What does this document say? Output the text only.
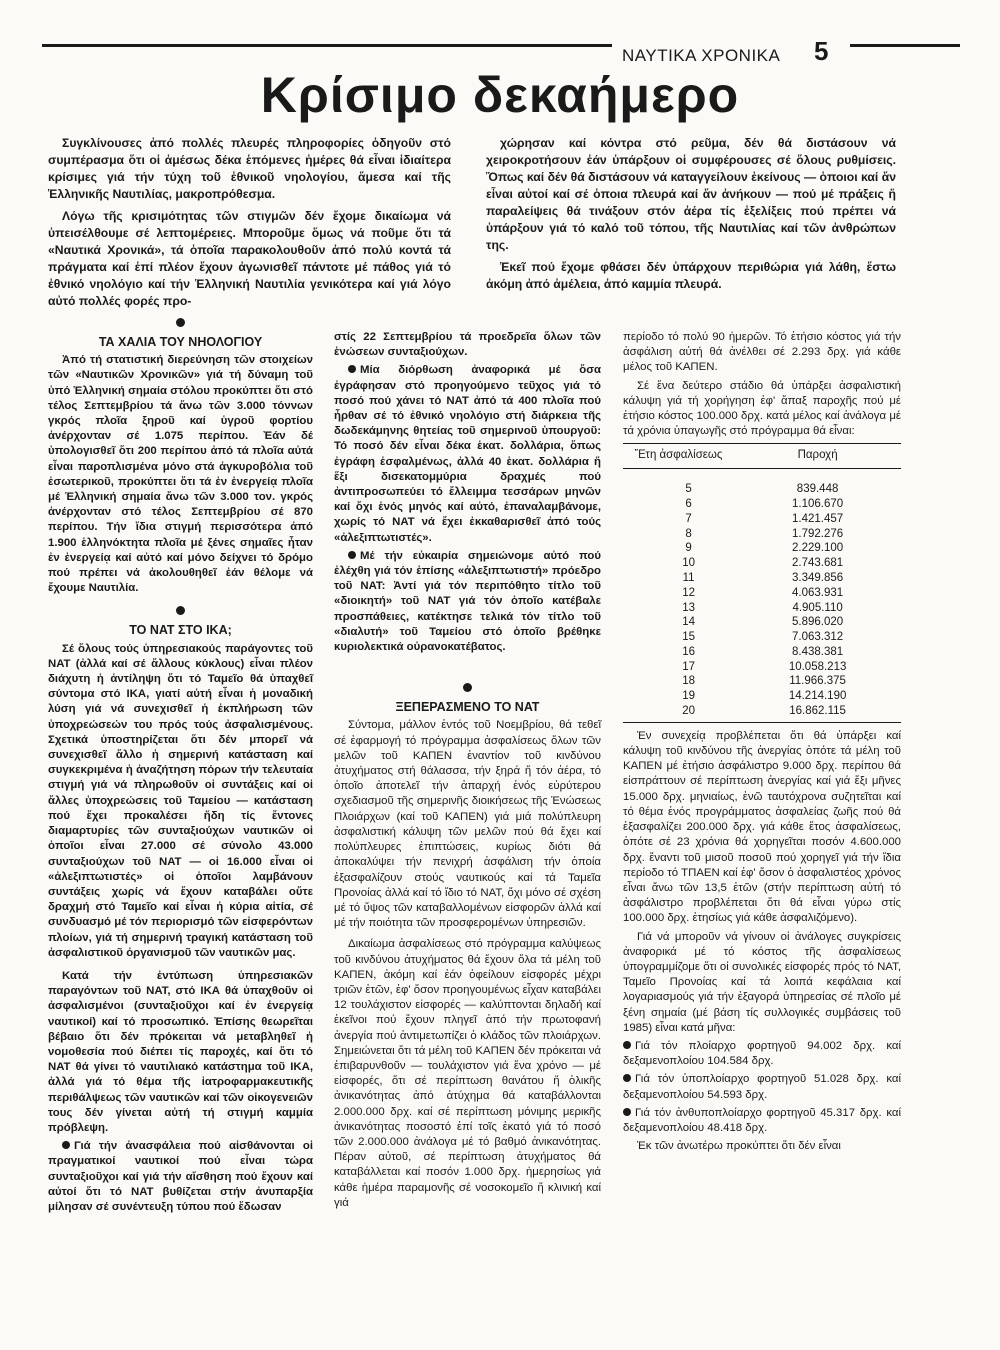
ΝΑΥΤΙΚΑ ΧΡΟΝΙΚΑ 5
Κρίσιμο δεκαήμερο

Συγκλίνουσες ἀπό πολλές πλευρές πληροφορίες ὁδηγοῦν στό συμπέρασμα ὅτι οἱ ἀμέσως δέκα ἑπόμενες ἡμέρες θά εἶναι ἰδιαίτερα κρίσιμες γιά τήν τύχη τοῦ ἐθνικοῦ νηολογίου, ἄμεσα καί τῆς Ἑλληνικῆς Ναυτιλίας, μακροπρόθεσμα.

Λόγω τῆς κρισιμότητας τῶν στιγμῶν δέν ἔχομε δικαίωμα νά ὑπεισέλθουμε σέ λεπτομέρειες. Μποροῦμε ὅμως νά ποῦμε ὅτι τά «Ναυτικά Χρονικά», τά ὁποῖα παρακολουθοῦν ἀπό πολύ κοντά τά πράγματα καί ἐπί πλέον ἔχουν ἀγωνισθεῖ πάντοτε μέ πάθος γιά τό ἐθνικό νηολόγιο καί τήν Ἑλληνική Ναυτιλία γενικότερα καί γιά λόγο αὐτό πολλές φορές προ-

χώρησαν καί κόντρα στό ρεῦμα, δέν θά διστάσουν νά χειροκροτήσουν ἐάν ὑπάρξουν οἱ συμφέρουσες σέ ὅλους ρυθμίσεις. Ὅπως καί δέν θά διστάσουν νά καταγγείλουν ἐκείνους — ὁποιοι καί ἄν εἶναι αὐτοί καί σέ ὁποια πλευρά καί ἄν ἀνήκουν — πού μέ πράξεις ἤ παραλείψεις θά τινάξουν στόν ἀέρα τίς ἐξελίξεις πού πρέπει νά ὑπάρξουν γιά τό καλό τοῦ τόπου, τῆς Ναυτιλίας καί τῶν ἀνθρώπων της.

Ἐκεῖ πού ἔχομε φθάσει δέν ὑπάρχουν περιθώρια γιά λάθη, ἔστω ἀκόμη ἀπό ἀμέλεια, ἀπό καμμία πλευρά.

ΤΑ ΧΑΛΙΑ ΤΟΥ ΝΗΟΛΟΓΙΟΥ

Ἀπό τή στατιστική διερεύνηση τῶν στοιχείων τῶν «Ναυτικῶν Χρονικῶν» γιά τή δύναμη τοῦ ὑπό Ἑλληνική σημαία στόλου προκύπτει ὅτι στό τέλος Σεπτεμβρίου τά ἄνω τῶν 3.000 τόννων γκρός πλοῖα ξηροῦ καί ὑγροῦ φορτίου ἀνέρχονταν σέ 1.075 περίπου. Ἐάν δέ ὑπολογισθεῖ ὅτι 200 περίπου ἀπό τά πλοῖα αὐτά εἶναι παροπλισμένα μόνο στά ἀγκυροβόλια τοῦ ἐσωτερικοῦ, προκύπτει ὅτι τά ἐν ἐνεργείᾳ πλοῖα μέ Ἑλληνική σημαία ἄνω τῶν 3.000 τον. γκρός ἀνέρχονταν στό τέλος Σεπτεμβρίου σέ 870 περίπου. Τήν ἴδια στιγμή περισσότερα ἀπό 1.900 ἑλληνόκτητα πλοῖα μέ ξένες σημαῖες ἦταν ἐν ἐνεργείᾳ καί αὐτό καί μόνο δείχνει τό δρόμο πού πρέπει νά ἀκολουθηθεῖ ἐάν θέλομε νά ἔχουμε Ναυτιλία.

ΤΟ ΝΑΤ ΣΤΟ ΙΚΑ;

Σέ ὅλους τούς ὑπηρεσιακούς παράγοντες τοῦ ΝΑΤ (ἀλλά καί σέ ἄλλους κύκλους) εἶναι πλέον διάχυτη ἡ ἀντίληψη ὅτι τό Ταμεῖο θά ὑπαχθεῖ σύντομα στό ΙΚΑ, γιατί αὐτή εἶναι ἡ μοναδική λύση γιά νά συνεχισθεῖ ἡ ἐκπλήρωση τῶν ὑποχρεώσεών του πρός τούς ἀσφαλισμένους. Σχετικά ὑποστηρίζεται ὅτι δέν μπορεῖ νά συνεχισθεῖ ἄλλο ἡ σημερινή κατάσταση καί συγκεκριμένα ἡ ἀναζήτηση πόρων τήν τελευταία στιγμή γιά νά πληρωθοῦν οἱ συντάξεις καί οἱ ἄλλες ὑποχρεώσεις τοῦ Ταμείου — κατάσταση πού ἔχει προκαλέσει ἤδη τίς ἔντονες διαμαρτυρίες τῶν συνταξιούχων ναυτικῶν οἱ ὁποῖοι εἶναι 27.000 σέ σύνολο 43.000 συνταξιούχων τοῦ ΝΑΤ — οἱ 16.000 εἶναι οἱ «ἀλεξιπτωτιστές» οἱ ὁποῖοι λαμβάνουν συντάξεις χωρίς νά ἔχουν καταβάλει οὔτε δραχμή στό Ταμεῖο καί εἶναι ἡ κύρια αἰτία, σέ συνδυασμό μέ τόν περιορισμό τῶν εἰσφερόντων πλοίων, γιά τή σημερινή τραγική κατάσταση τοῦ ἀσφαλιστικοῦ ὀργανισμοῦ τῶν ναυτικῶν μας.

Κατά τήν ἐντύπωση ὑπηρεσιακῶν παραγόντων τοῦ ΝΑΤ, στό ΙΚΑ θά ὑπαχθοῦν οἱ ἀσφαλισμένοι (συνταξιοῦχοι καί ἐν ἐνεργείᾳ ναυτικοί) καί τό προσωπικό. Ἐπίσης θεωρεῖται βέβαιο ὅτι δέν πρόκειται νά μεταβληθεῖ ἡ νομοθεσία πού διέπει τίς παροχές, καί ὅτι τό ΝΑΤ θά γίνει τό ναυτιλιακό κατάστημα τοῦ ΙΚΑ, ἀλλά γιά τό θέμα τῆς ἰατροφαρμακευτικῆς περιθάλψεως τῶν ναυτικῶν καί τῶν οἰκογενειῶν τους δέν γίνεται αὐτή τή στιγμή καμμία πρόβλεψη.

Γιά τήν ἀνασφάλεια πού αἰσθάνονται οἱ πραγματικοί ναυτικοί πού εἶναι τώρα συνταξιοῦχοι καί γιά τήν αἴσθηση πού ἔχουν καί αὐτοί ὅτι τό ΝΑΤ βυθίζεται στήν ἀνυπαρξία μίλησαν σέ συνέντευξη τύπου πού ἔδωσαν

στίς 22 Σεπτεμβρίου τά προεδρεῖα ὅλων τῶν ἑνώσεων συνταξιούχων.

Μία διόρθωση ἀναφορικά μέ ὅσα ἐγράφησαν στό προηγούμενο τεῦχος γιά τό ποσό πού χάνει τό ΝΑΤ ἀπό τά 400 πλοῖα πού ἦρθαν σέ τό ἐθνικό νηολόγιο στή διάρκεια τῆς δωδεκάμηνης θητείας τοῦ σημερινοῦ ὑπουργοῦ: Τό ποσό δέν εἶναι δέκα ἑκατ. δολλάρια, ὅπως ἐγράφη ἐσφαλμένως, ἀλλά 40 ἑκατ. δολλάρια ἤ ἕξι δισεκατομμύρια δραχμές πού ἀντιπροσωπεύει τό ἔλλειμμα τεσσάρων μηνῶν καί ὄχι ἑνός μηνός καί αὐτό, ἐπαναλαμβάνομε, χωρίς τό ΝΑΤ νά ἔχει ἐκκαθαρισθεῖ ἀπό τούς «ἀλεξιπτωτιστές».

Μέ τήν εὐκαιρία σημειώνομε αὐτό πού ἐλέχθη γιά τόν ἐπίσης «ἀλεξιπτωτιστή» πρόεδρο τοῦ ΝΑΤ: Ἀντί γιά τόν περιπόθητο τίτλο τοῦ «διοικητή» τοῦ ΝΑΤ γιά τόν ὁποῖο κατέβαλε προσπάθειες, κατέκτησε τελικά τόν τίτλο τοῦ «διαλυτή» τοῦ Ταμείου στό ὁποῖο βρέθηκε κυριολεκτικά οὐρανοκατέβατος.

ΞΕΠΕΡΑΣΜΕΝΟ ΤΟ ΝΑΤ

Σύντομα, μάλλον ἐντός τοῦ Νοεμβρίου, θά τεθεῖ σέ ἐφαρμογή τό πρόγραμμα ἀσφαλίσεως ὅλων τῶν μελῶν τοῦ ΚΑΠΕΝ ἐναντίον τοῦ κινδύνου ἀτυχήματος στή θάλασσα, τήν ξηρά ἤ τόν ἀέρα, τό ὁποῖο ἀποτελεῖ τήν ἀπαρχή ἑνός εὐρύτερου σχεδιασμοῦ τῆς σημερινῆς διοικήσεως τῆς Ἑνώσεως Πλοιάρχων (καί τοῦ ΚΑΠΕΝ) γιά μιά πολύπλευρη ἀσφαλιστική κάλυψη τῶν μελῶν πού θά ἔχει καί πολύπλευρες ἐπιπτώσεις, κυρίως διότι θά ἀποκαλύψει τήν πενιχρή ἀσφάλιση τήν ὁποία ἐξασφαλίζουν στούς ναυτικούς καί τά Ταμεῖα Προνοίας ἀλλά καί τό ἴδιο τό ΝΑΤ, ὄχι μόνο σέ σχέση μέ τό ὕψος τῶν καταβαλλομένων εἰσφορῶν ἀλλά καί μέ τήν ποιότητα τῶν προσφερομένων ὑπηρεσιῶν.

Δικαίωμα ἀσφαλίσεως στό πρόγραμμα καλύψεως τοῦ κινδύνου ἀτυχήματος θά ἔχουν ὅλα τά μέλη τοῦ ΚΑΠΕΝ, ἀκόμη καί ἐάν ὀφείλουν εἰσφορές μέχρι τριῶν ἐτῶν, ἐφ' ὅσον προηγουμένως εἶχαν καταβάλει 12 τουλάχιστον εἰσφορές — καλύπτονται δηλαδή καί ἐκεῖνοι πού ἔχουν πληγεῖ ἀπό τήν πρωτοφανή ἀνεργία πού ἀντιμετωπίζει ὁ κλάδος τῶν πλοιάρχων. Σημειώνεται ὅτι τά μέλη τοῦ ΚΑΠΕΝ δέν πρόκειται νά ἐπιβαρυνθοῦν — τουλάχιστον γιά ἕνα χρόνο — μέ εἰσφορές, ὅτι σέ περίπτωση θανάτου ἤ ὁλικῆς ἀνικανότητας ἀπό ἀτύχημα θά καταβάλλονται 2.000.000 δρχ. καί σέ περίπτωση μόνιμης μερικῆς ἀνικανότητας ποσοστό ἐπί τοῖς ἑκατό γιά τό ποσό τῶν 2.000.000 ἀνάλογα μέ τό βαθμό ἀνικανότητας. Πέραν αὐτοῦ, σέ περίπτωση ἀτυχήματος θά καταβάλλεται καί ποσόν 1.000 δρχ. ἡμερησίως γιά κάθε ἡμέρα παραμονῆς σέ νοσοκομεῖο ἤ κλινική καί γιά

περίοδο τό πολύ 90 ἡμερῶν. Τό ἐτήσιο κόστος γιά τήν ἀσφάλιση αὐτή θά ἀνέλθει σέ 2.293 δρχ. γιά κάθε μέλος τοῦ ΚΑΠΕΝ.

Σέ ἕνα δεύτερο στάδιο θά ὑπάρξει ἀσφαλιστική κάλυψη γιά τή χορήγηση ἐφ' ἅπαξ παροχῆς πού μέ ἐτήσιο κόστος 100.000 δρχ. κατά μέλος καί ἀνάλογα μέ τά χρόνια ὑπαγωγῆς στό πρόγραμμα θά εἶναι:

Ἔτη ἀσφαλίσεως	Παροχή

5	839.448
6	1.106.670
7	1.421.457
8	1.792.276
9	2.229.100
10	2.743.681
11	3.349.856
12	4.063.931
13	4.905.110
14	5.896.020
15	7.063.312
16	8.438.381
17	10.058.213
18	11.966.375
19	14.214.190
20	16.862.115

Ἐν συνεχείᾳ προβλέπεται ὅτι θά ὑπάρξει καί κάλυψη τοῦ κινδύνου τῆς ἀνεργίας ὁπότε τά μέλη τοῦ ΚΑΠΕΝ μέ ἐτήσιο ἀσφάλιστρο 9.000 δρχ. περίπου θά εἰσπράττουν σέ περίπτωση ἀνεργίας καί γιά ἕξι μῆνες 15.000 δρχ. μηνιαίως, ἐνῶ ταυτόχρονα συζητεῖται καί τό θέμα ἑνός προγράμματος ἀσφαλείας ζωῆς πού θά ἐξασφαλίζει 200.000 δρχ. γιά κάθε ἔτος ἀσφαλίσεως, ὁπότε σέ 23 χρόνια θά χορηγεῖται ποσόν 4.600.000 δρχ. ἔναντι τοῦ μισοῦ ποσοῦ πού χορηγεῖ γιά τήν ἴδια περίοδο τό ΤΠΑΕΝ καί ἐφ' ὅσον ὁ ἀσφαλιστέος χρόνος εἶναι ἄνω τῶν 13,5 ἐτῶν (στήν περίπτωση αὐτή τό ἀσφάλιστρο προβλέπεται ὅτι θά εἶναι γύρω στίς 100.000 δρχ. ἐτησίως γιά κάθε ἀσφαλιζόμενο).

Γιά νά μποροῦν νά γίνουν οἱ ἀνάλογες συγκρίσεις ἀναφορικά μέ τό κόστος τῆς ἀσφαλίσεως ὑπογραμμίζομε ὅτι οἱ συνολικές εἰσφορές πρός τό ΝΑΤ, Ταμεῖο Προνοίας καί τά λοιπά κεφάλαια καί λογαριασμούς γιά τήν ἐξαγορά ὑπηρεσίας σέ πλοῖο μέ ξένη σημαία (μέ βάση τίς συλλογικές συμβάσεις τοῦ 1985) εἶναι κατά μῆνα:

Γιά τόν πλοίαρχο φορτηγοῦ 94.002 δρχ. καί δεξαμενοπλοίου 104.584 δρχ.

Γιά τόν ὑποπλοίαρχο φορτηγοῦ 51.028 δρχ. καί δεξαμενοπλοίου 54.593 δρχ.

Γιά τόν ἀνθυποπλοίαρχο φορτηγοῦ 45.317 δρχ. καί δεξαμενοπλοίου 48.418 δρχ.

Ἐκ τῶν ἀνωτέρω προκύπτει ὅτι δέν εἶναι
